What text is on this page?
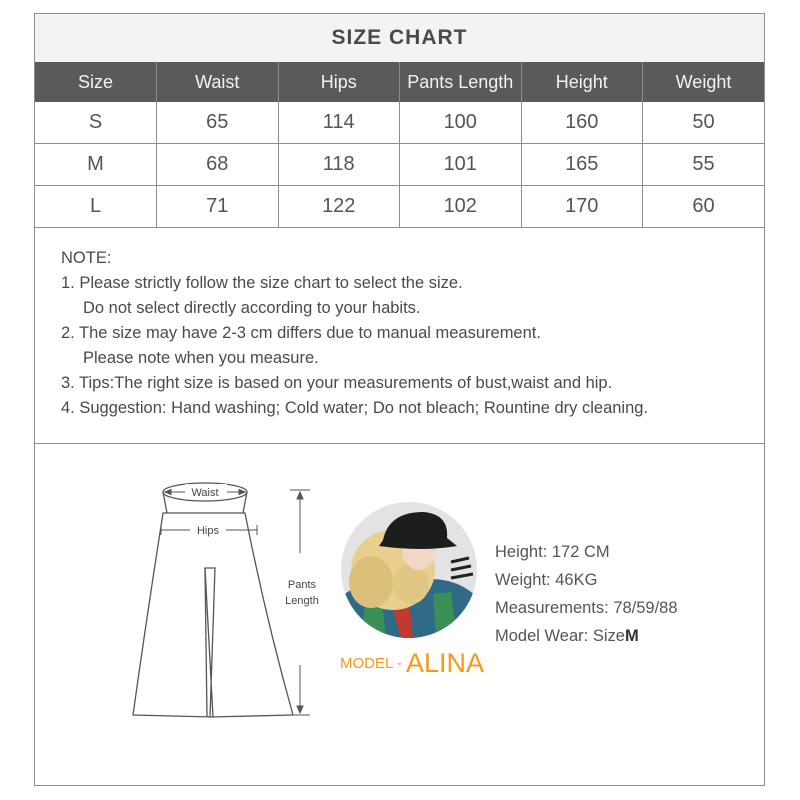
SIZE CHART
Size	Waist	Hips	Pants Length	Height	Weight
S	65	114	100	160	50
M	68	118	101	165	55
L	71	122	102	170	60
NOTE:
1. Please strictly follow the size chart to select the size.
Do not select directly according to your habits.
2. The size may have 2-3 cm differs due to manual measurement.
Please note when you measure.
3. Tips:The right size is based on your measurements of bust,waist and hip.
4. Suggestion: Hand washing; Cold water; Do not bleach; Rountine dry cleaning.
Waist
Hips
Pants
Length
MODEL - ALINA
Height: 172 CM
Weight: 46KG
Measurements: 78/59/88
Model Wear: SizeM
